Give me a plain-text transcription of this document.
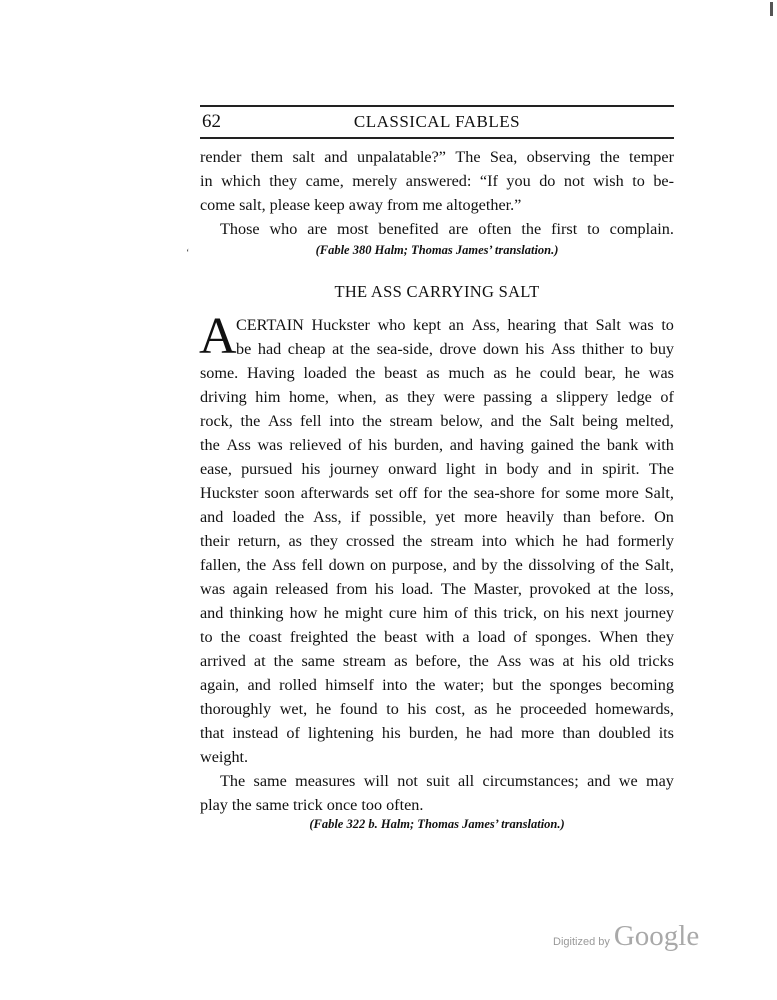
‘
62	CLASSICAL FABLES
render them salt and unpalatable?” The Sea, observing the temper
in which they came, merely answered: “If you do not wish to be-
come salt, please keep away from me altogether.”
Those who are most benefited are often the first to complain.
(Fable 380 Halm; Thomas James’ translation.)
THE ASS CARRYING SALT
A CERTAIN Huckster who kept an Ass, hearing that Salt was to
be had cheap at the sea-side, drove down his Ass thither to buy
some. Having loaded the beast as much as he could bear, he was
driving him home, when, as they were passing a slippery ledge of
rock, the Ass fell into the stream below, and the Salt being melted,
the Ass was relieved of his burden, and having gained the bank with
ease, pursued his journey onward light in body and in spirit. The
Huckster soon afterwards set off for the sea-shore for some more Salt,
and loaded the Ass, if possible, yet more heavily than before. On
their return, as they crossed the stream into which he had formerly
fallen, the Ass fell down on purpose, and by the dissolving of the Salt,
was again released from his load. The Master, provoked at the loss,
and thinking how he might cure him of this trick, on his next journey
to the coast freighted the beast with a load of sponges. When they
arrived at the same stream as before, the Ass was at his old tricks
again, and rolled himself into the water; but the sponges becoming
thoroughly wet, he found to his cost, as he proceeded homewards,
that instead of lightening his burden, he had more than doubled its
weight.
The same measures will not suit all circumstances; and we may
play the same trick once too often.
(Fable 322 b. Halm; Thomas James’ translation.)
Digitized by Google
